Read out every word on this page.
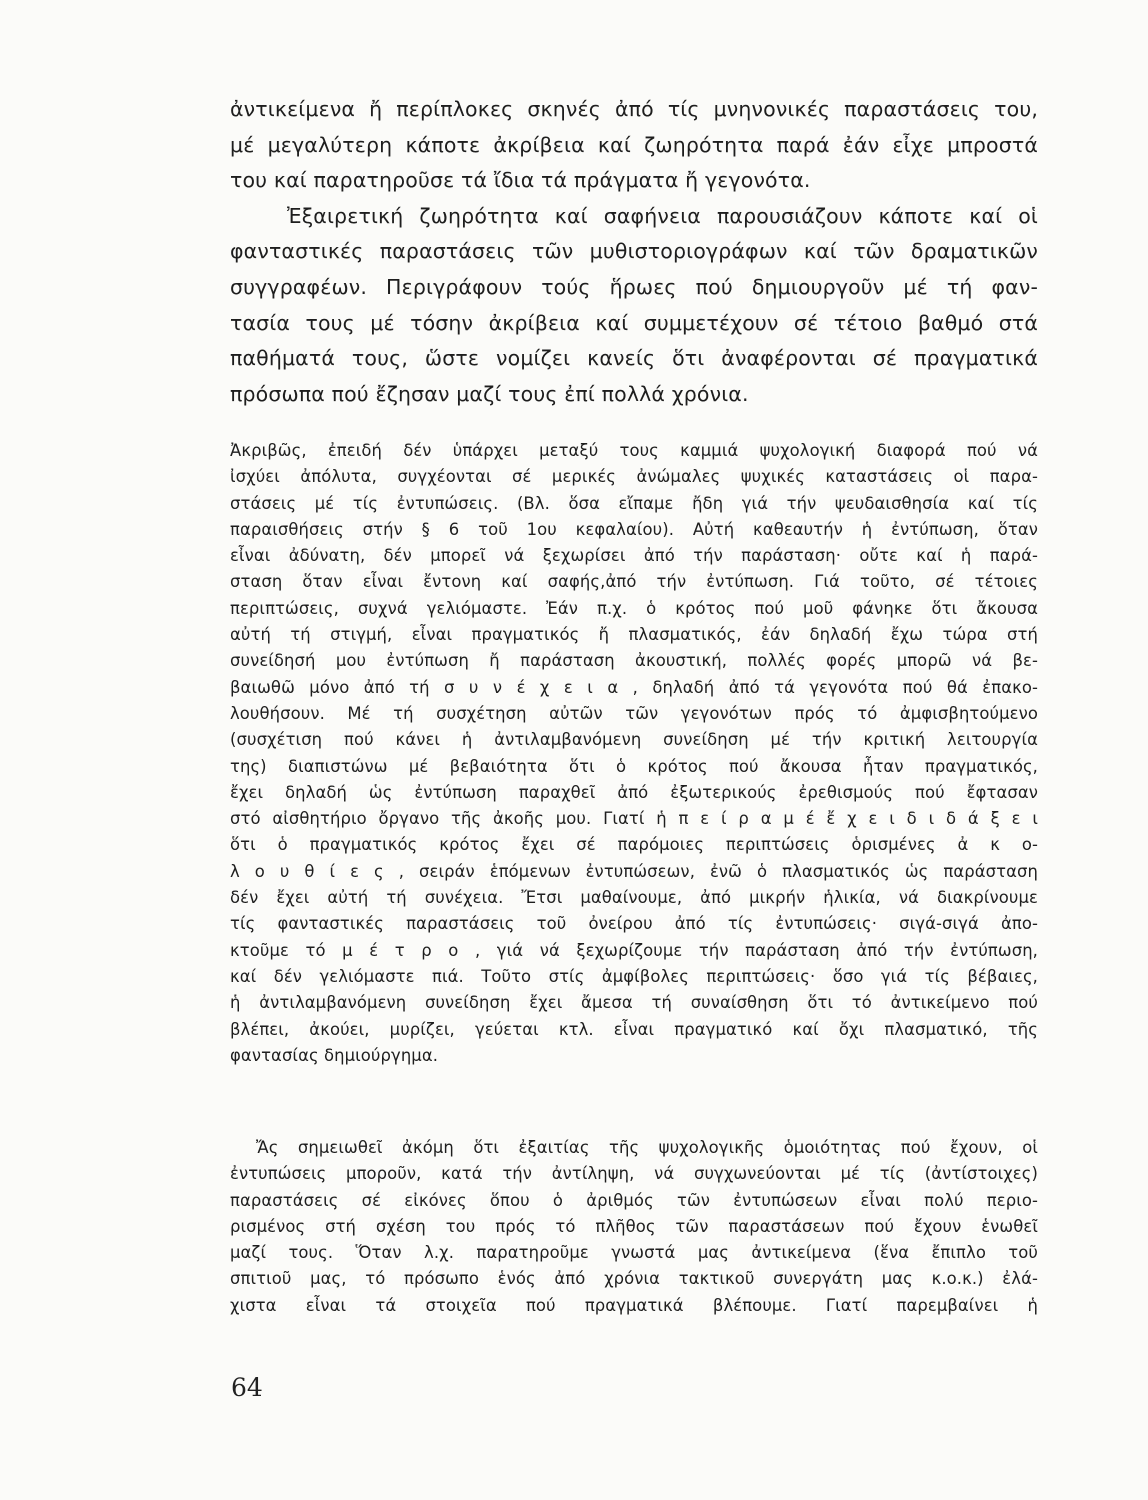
ἀντικείμενα ἤ περίπλοκες σκηνές ἀπό τίς μνηνονικές παραστάσεις του,
μέ μεγαλύτερη κάποτε ἀκρίβεια καί ζωηρότητα παρά ἐάν εἶχε μπροστά
του καί παρατηροῦσε τά ἴδια τά πράγματα ἤ γεγονότα.
Ἐξαιρετική ζωηρότητα καί σαφήνεια παρουσιάζουν κάποτε καί οἱ
φανταστικές παραστάσεις τῶν μυθιστοριογράφων καί τῶν δραματικῶν
συγγραφέων. Περιγράφουν τούς ἥρωες πού δημιουργοῦν μέ τή φαν-
τασία τους μέ τόσην ἀκρίβεια καί συμμετέχουν σέ τέτοιο βαθμό στά
παθήματά τους, ὥστε νομίζει κανείς ὅτι ἀναφέρονται σέ πραγματικά
πρόσωπα πού ἔζησαν μαζί τους ἐπί πολλά χρόνια.
Ἀκριβῶς, ἐπειδή δέν ὑπάρχει μεταξύ τους καμμιά ψυχολογική διαφορά πού νά
ἰσχύει ἀπόλυτα, συγχέονται σέ μερικές ἀνώμαλες ψυχικές καταστάσεις οἱ παρα-
στάσεις μέ τίς ἐντυπώσεις. (Βλ. ὅσα εἴπαμε ἤδη γιά τήν ψευδαισθησία καί τίς
παραισθήσεις στήν § 6 τοῦ 1ου κεφαλαίου). Αὐτή καθεαυτήν ἡ ἐντύπωση, ὅταν
εἶναι ἀδύνατη, δέν μπορεῖ νά ξεχωρίσει ἀπό τήν παράσταση· οὔτε καί ἡ παρά-
σταση ὅταν εἶναι ἔντονη καί σαφής,ἀπό τήν ἐντύπωση. Γιά τοῦτο, σέ τέτοιες
περιπτώσεις, συχνά γελιόμαστε. Ἐάν π.χ. ὁ κρότος πού μοῦ φάνηκε ὅτι ἄκουσα
αὐτή τή στιγμή, εἶναι πραγματικός ἤ πλασματικός, ἐάν δηλαδή ἔχω τώρα στή
συνείδησή μου ἐντύπωση ἤ παράσταση ἀκουστική, πολλές φορές μπορῶ νά βε-
βαιωθῶ μόνο ἀπό τή σ υ ν έ χ ε ι α , δηλαδή ἀπό τά γεγονότα πού θά ἐπακο-
λουθήσουν. Μέ τή συσχέτηση αὐτῶν τῶν γεγονότων πρός τό ἀμφισβητούμενο
(συσχέτιση πού κάνει ἡ ἀντιλαμβανόμενη συνείδηση μέ τήν κριτική λειτουργία
της) διαπιστώνω μέ βεβαιότητα ὅτι ὁ κρότος πού ἄκουσα ἦταν πραγματικός,
ἔχει δηλαδή ὡς ἐντύπωση παραχθεῖ ἀπό ἐξωτερικούς ἐρεθισμούς πού ἔφτασαν
στό αἰσθητήριο ὄργανο τῆς ἀκοῆς μου. Γιατί ἡ π ε ί ρ α μ έ ἔ χ ε ι δ ι δ ά ξ ε ι
ὅτι ὁ πραγματικός κρότος ἔχει σέ παρόμοιες περιπτώσεις ὁρισμένες ἀ κ ο-
λ ο υ θ ί ε ς , σειράν ἑπόμενων ἐντυπώσεων, ἐνῶ ὁ πλασματικός ὡς παράσταση
δέν ἔχει αὐτή τή συνέχεια. Ἔτσι μαθαίνουμε, ἀπό μικρήν ἡλικία, νά διακρίνουμε
τίς φανταστικές παραστάσεις τοῦ ὀνείρου ἀπό τίς ἐντυπώσεις· σιγά-σιγά ἀπο-
κτοῦμε τό μ έ τ ρ ο , γιά νά ξεχωρίζουμε τήν παράσταση ἀπό τήν ἐντύπωση,
καί δέν γελιόμαστε πιά. Τοῦτο στίς ἀμφίβολες περιπτώσεις· ὅσο γιά τίς βέβαιες,
ἡ ἀντιλαμβανόμενη συνείδηση ἔχει ἄμεσα τή συναίσθηση ὅτι τό ἀντικείμενο πού
βλέπει, ἀκούει, μυρίζει, γεύεται κτλ. εἶναι πραγματικό καί ὄχι πλασματικό, τῆς
φαντασίας δημιούργημα.
Ἄς σημειωθεῖ ἀκόμη ὅτι ἐξαιτίας τῆς ψυχολογικῆς ὁμοιότητας πού ἔχουν, οἱ
ἐντυπώσεις μποροῦν, κατά τήν ἀντίληψη, νά συγχωνεύονται μέ τίς (ἀντίστοιχες)
παραστάσεις σέ εἰκόνες ὅπου ὁ ἀριθμός τῶν ἐντυπώσεων εἶναι πολύ περιο-
ρισμένος στή σχέση του πρός τό πλῆθος τῶν παραστάσεων πού ἔχουν ἑνωθεῖ
μαζί τους. Ὅταν λ.χ. παρατηροῦμε γνωστά μας ἀντικείμενα (ἕνα ἔπιπλο τοῦ
σπιτιοῦ μας, τό πρόσωπο ἑνός ἀπό χρόνια τακτικοῦ συνεργάτη μας κ.ο.κ.) ἐλά-
χιστα εἶναι τά στοιχεῖα πού πραγματικά βλέπουμε. Γιατί παρεμβαίνει ἡ
64
